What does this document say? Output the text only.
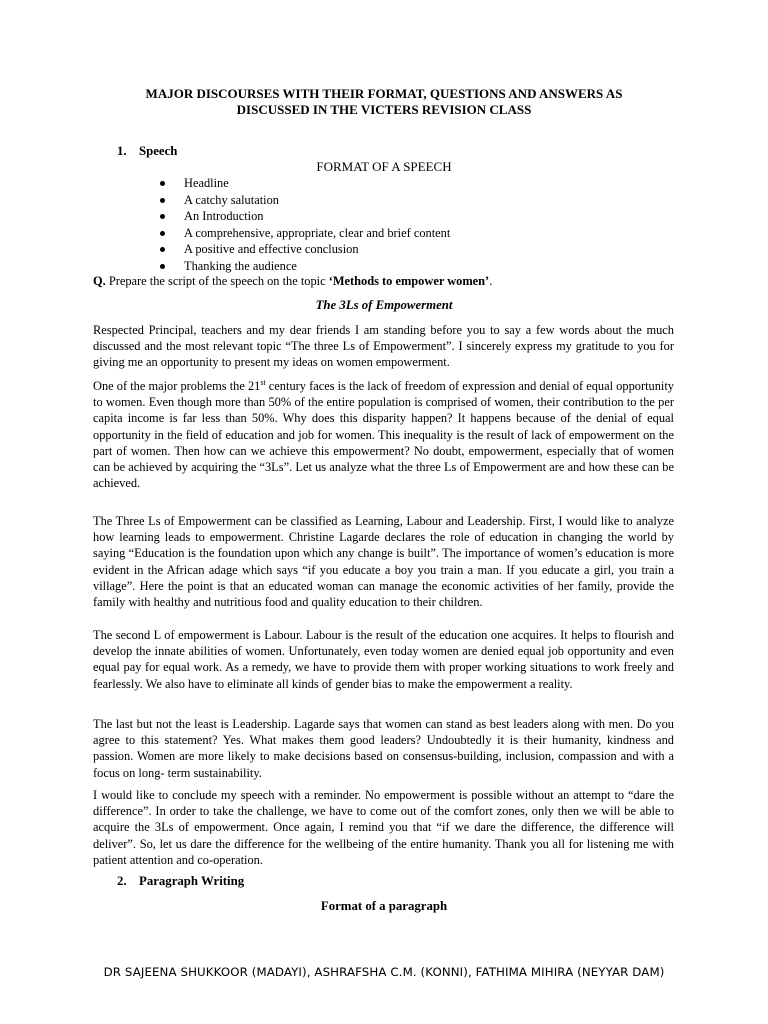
MAJOR DISCOURSES WITH THEIR FORMAT, QUESTIONS AND ANSWERS AS
DISCUSSED IN THE VICTERS REVISION CLASS
1. Speech
FORMAT OF A SPEECH
Headline
A catchy salutation
An Introduction
A comprehensive, appropriate, clear and brief content
A positive and effective conclusion
Thanking the audience
Q. Prepare the script of the speech on the topic ‘Methods to empower women’.
The 3Ls of Empowerment

Respected Principal, teachers and my dear friends I am standing before you to say a few words about the much discussed and the most relevant topic “The three Ls of Empowerment”. I sincerely express my gratitude to you for giving me an opportunity to present my ideas on women empowerment.

One of the major problems the 21st century faces is the lack of freedom of expression and denial of equal opportunity to women. Even though more than 50% of the entire population is comprised of women, their contribution to the per capita income is far less than 50%. Why does this disparity happen? It happens because of the denial of equal opportunity in the field of education and job for women. This inequality is the result of lack of empowerment on the part of women. Then how can we achieve this empowerment? No doubt, empowerment, especially that of women can be achieved by acquiring the “3Ls”. Let us analyze what the three Ls of Empowerment are and how these can be achieved.

The Three Ls of Empowerment can be classified as Learning, Labour and Leadership. First, I would like to analyze how learning leads to empowerment. Christine Lagarde declares the role of education in changing the world by saying “Education is the foundation upon which any change is built”. The importance of women’s education is more evident in the African adage which says “if you educate a boy you train a man. If you educate a girl, you train a village”. Here the point is that an educated woman can manage the economic activities of her family, provide the family with healthy and nutritious food and quality education to their children.

The second L of empowerment is Labour. Labour is the result of the education one acquires. It helps to flourish and develop the innate abilities of women. Unfortunately, even today women are denied equal job opportunity and even equal pay for equal work. As a remedy, we have to provide them with proper working situations to work freely and fearlessly. We also have to eliminate all kinds of gender bias to make the empowerment a reality.

The last but not the least is Leadership. Lagarde says that women can stand as best leaders along with men. Do you agree to this statement? Yes. What makes them good leaders? Undoubtedly it is their humanity, kindness and passion. Women are more likely to make decisions based on consensus-building, inclusion, compassion and with a focus on long- term sustainability.

I would like to conclude my speech with a reminder. No empowerment is possible without an attempt to “dare the difference”. In order to take the challenge, we have to come out of the comfort zones, only then we will be able to acquire the 3Ls of empowerment. Once again, I remind you that “if we dare the difference, the difference will deliver”. So, let us dare the difference for the wellbeing of the entire humanity. Thank you all for listening me with patient attention and co-operation.

2. Paragraph Writing
Format of a paragraph
DR SAJEENA SHUKKOOR (MADAYI), ASHRAFSHA C.M. (KONNI), FATHIMA MIHIRA (NEYYAR DAM)
